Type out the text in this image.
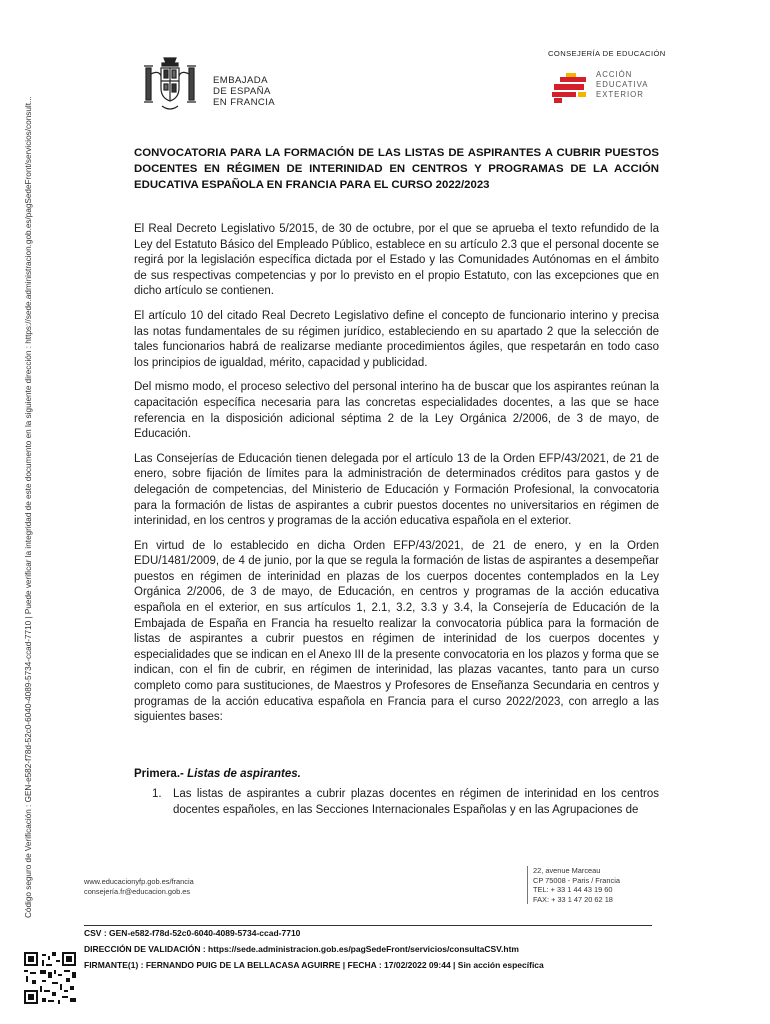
Código seguro de Verificación : GEN-e582-f78d-52c0-6040-4089-5734-ccad-7710 | Puede verificar la integridad de este documento en la siguiente dirección : https://sede.administracion.gob.es/pagSedeFront/servicios/consult...
EMBAJADA
DE ESPAÑA
EN FRANCIA
CONSEJERÍA DE EDUCACIÓN
ACCIÓN
EDUCATIVA
EXTERIOR
CONVOCATORIA PARA LA FORMACIÓN DE LAS LISTAS DE ASPIRANTES A CUBRIR PUESTOS DOCENTES EN RÉGIMEN DE INTERINIDAD EN CENTROS Y PROGRAMAS DE LA ACCIÓN EDUCATIVA ESPAÑOLA EN FRANCIA PARA EL CURSO 2022/2023

El Real Decreto Legislativo 5/2015, de 30 de octubre, por el que se aprueba el texto refundido de la Ley del Estatuto Básico del Empleado Público, establece en su artículo 2.3 que el personal docente se regirá por la legislación específica dictada por el Estado y las Comunidades Autónomas en el ámbito de sus respectivas competencias y por lo previsto en el propio Estatuto, con las excepciones que en dicho artículo se contienen.

El artículo 10 del citado Real Decreto Legislativo define el concepto de funcionario interino y precisa las notas fundamentales de su régimen jurídico, estableciendo en su apartado 2 que la selección de tales funcionarios habrá de realizarse mediante procedimientos ágiles, que respetarán en todo caso los principios de igualdad, mérito, capacidad y publicidad.

Del mismo modo, el proceso selectivo del personal interino ha de buscar que los aspirantes reúnan la capacitación específica necesaria para las concretas especialidades docentes, a las que se hace referencia en la disposición adicional séptima 2 de la Ley Orgánica 2/2006, de 3 de mayo, de Educación.

Las Consejerías de Educación tienen delegada por el artículo 13 de la Orden EFP/43/2021, de 21 de enero, sobre fijación de límites para la administración de determinados créditos para gastos y de delegación de competencias, del Ministerio de Educación y Formación Profesional, la convocatoria para la formación de listas de aspirantes a cubrir puestos docentes no universitarios en régimen de interinidad, en los centros y programas de la acción educativa española en el exterior.

En virtud de lo establecido en dicha Orden EFP/43/2021, de 21 de enero, y en la Orden EDU/1481/2009, de 4 de junio, por la que se regula la formación de listas de aspirantes a desempeñar puestos en régimen de interinidad en plazas de los cuerpos docentes contemplados en la Ley Orgánica 2/2006, de 3 de mayo, de Educación, en centros y programas de la acción educativa española en el exterior, en sus artículos 1, 2.1, 3.2, 3.3 y 3.4, la Consejería de Educación de la Embajada de España en Francia ha resuelto realizar la convocatoria pública para la formación de listas de aspirantes a cubrir puestos en régimen de interinidad de los cuerpos docentes y especialidades que se indican en el Anexo III de la presente convocatoria en los plazos y forma que se indican, con el fin de cubrir, en régimen de interinidad, las plazas vacantes, tanto para un curso completo como para sustituciones, de Maestros y Profesores de Enseñanza Secundaria en centros y programas de la acción educativa española en Francia para el curso 2022/2023, con arreglo a las siguientes bases:

Primera.- Listas de aspirantes.
1. Las listas de aspirantes a cubrir plazas docentes en régimen de interinidad en los centros docentes españoles, en las Secciones Internacionales Españolas y en las Agrupaciones de
www.educacionyfp.gob.es/francia
consejería.fr@educacion.gob.es
22, avenue Marceau
CP 75008 - Paris / Francia
TEL: + 33 1 44 43 19 60
FAX: + 33 1 47 20 62 18
CSV : GEN-e582-f78d-52c0-6040-4089-5734-ccad-7710
DIRECCIÓN DE VALIDACIÓN : https://sede.administracion.gob.es/pagSedeFront/servicios/consultaCSV.htm
FIRMANTE(1) : FERNANDO PUIG DE LA BELLACASA AGUIRRE | FECHA : 17/02/2022 09:44 | Sin acción específica
